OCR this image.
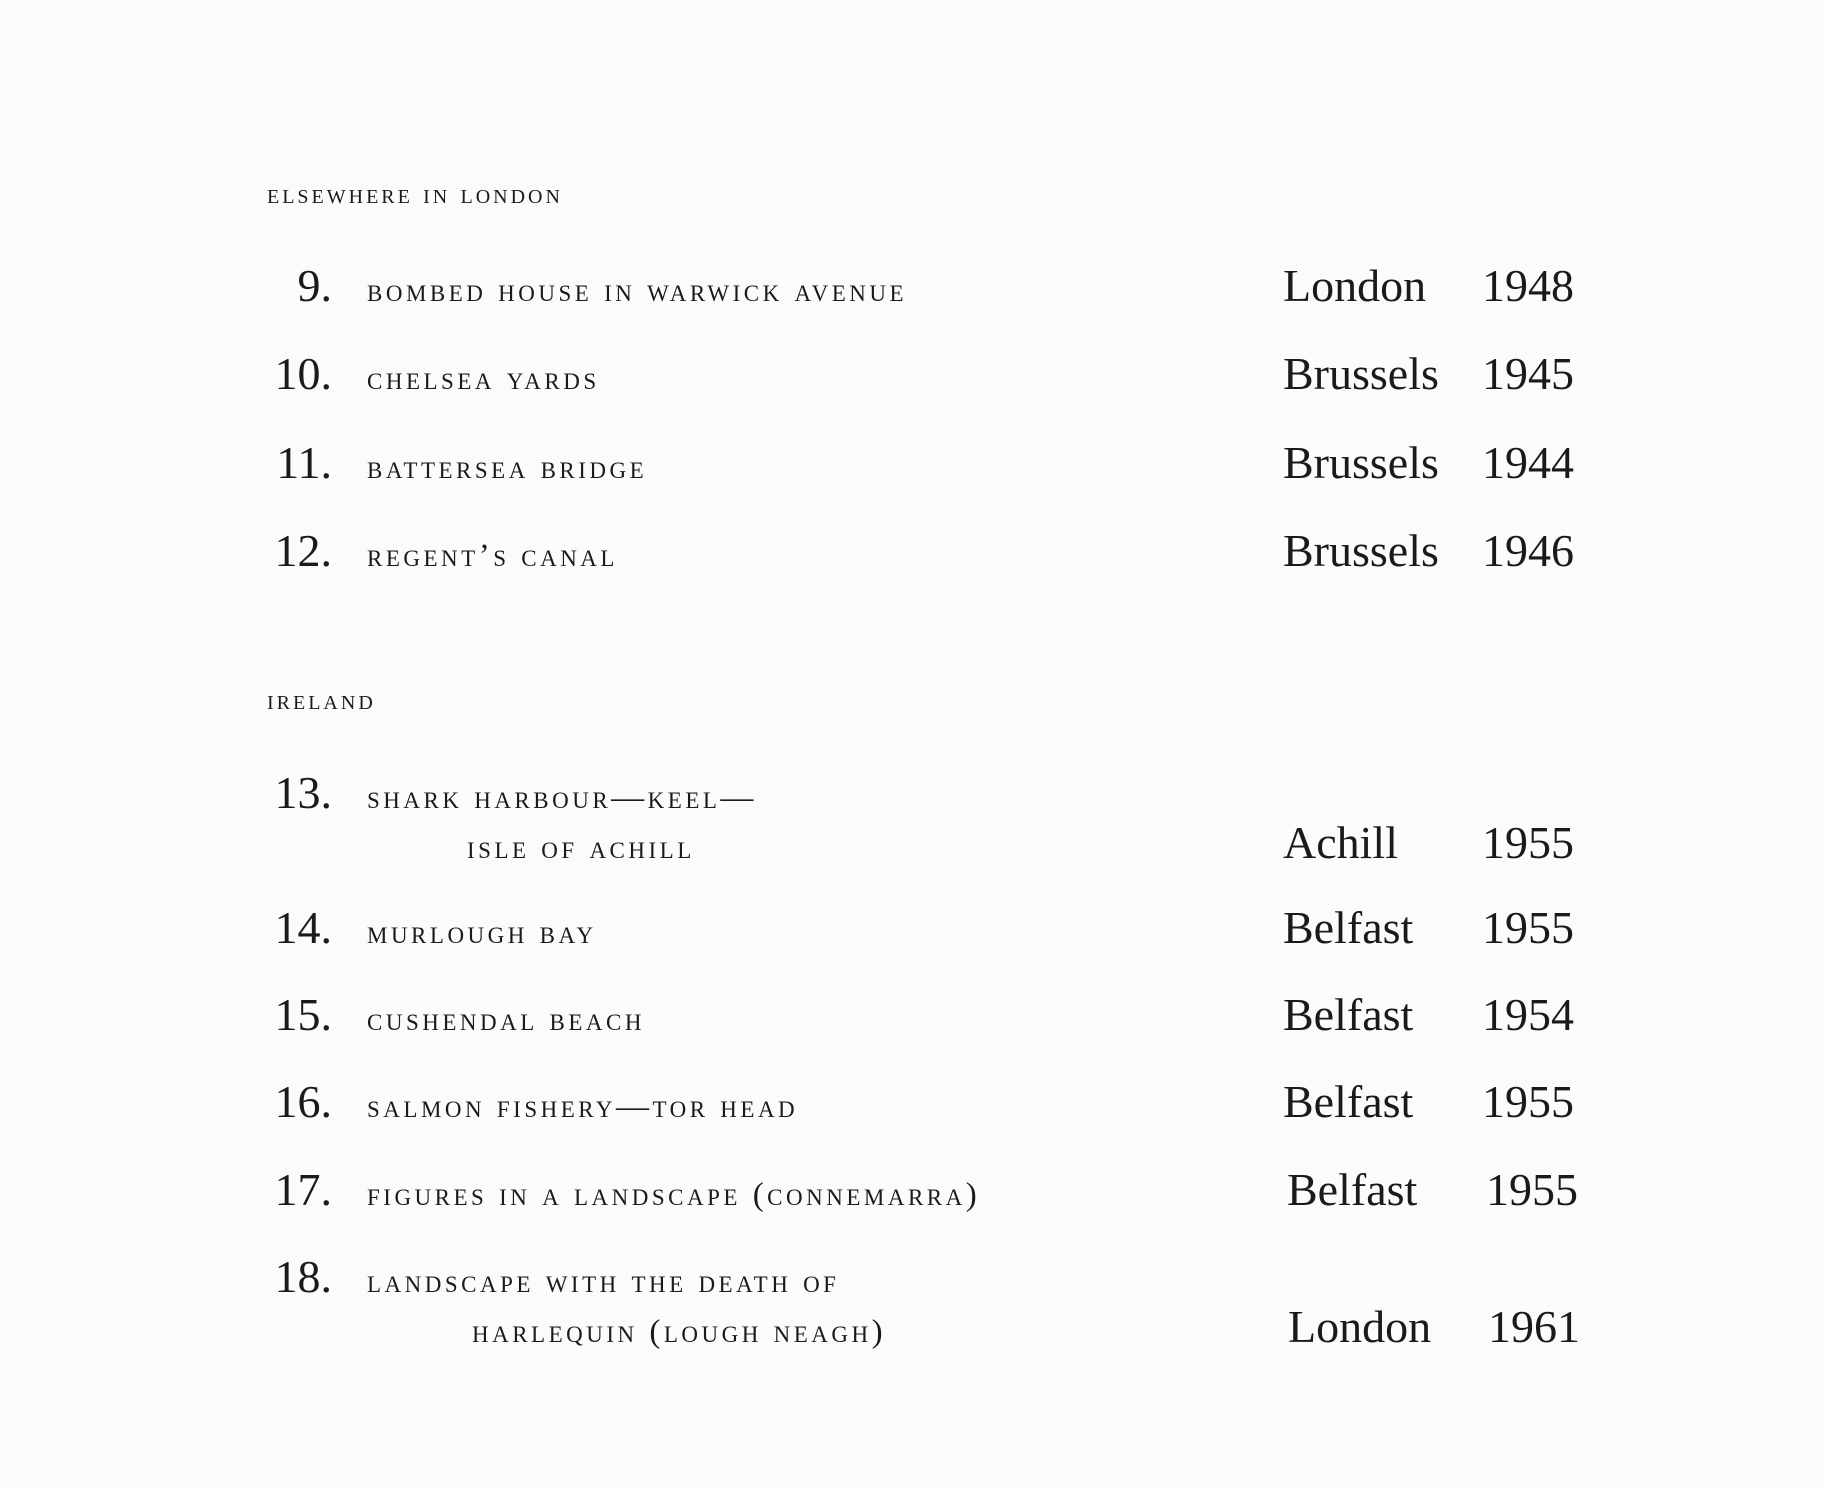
elsewhere in london
9. bombed house in warwick avenue	London 1948
10. chelsea yards	Brussels 1945
11. battersea bridge	Brussels 1944
12. regent’s canal	Brussels 1946
ireland
13. shark harbour—keel—
isle of achill	Achill 1955
14. murlough bay	Belfast 1955
15. cushendal beach	Belfast 1954
16. salmon fishery—tor head	Belfast 1955
17. figures in a landscape (connemarra)	Belfast 1955
18. landscape with the death of
harlequin (lough neagh)	London 1961
